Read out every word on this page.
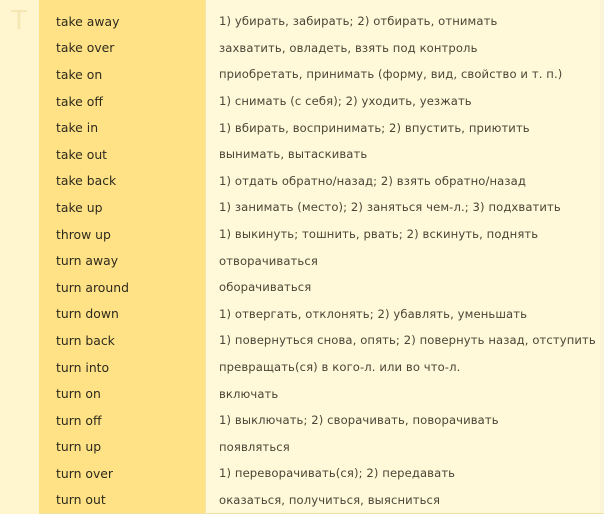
T take away	1) убирать, забирать; 2) отбирать, отнимать
take over	захватить, овладеть, взять под контроль
take on	приобретать, принимать (форму, вид, свойство и т. п.)
take off	1) снимать (с себя); 2) уходить, уезжать
take in	1) вбирать, воспринимать; 2) впустить, приютить
take out	вынимать, вытаскивать
take back	1) отдать обратно/назад; 2) взять обратно/назад
take up	1) занимать (место); 2) заняться чем-л.; 3) подхватить
throw up	1) выкинуть; тошнить, рвать; 2) вскинуть, поднять
turn away	отворачиваться
turn around	оборачиваться
turn down	1) отвергать, отклонять; 2) убавлять, уменьшать
turn back	1) повернуться снова, опять; 2) повернуть назад, отступить
turn into	превращать(ся) в кого-л. или во что-л.
turn on	включать
turn off	1) выключать; 2) сворачивать, поворачивать
turn up	появляться
turn over	1) переворачивать(ся); 2) передавать
turn out	оказаться, получиться, выясниться
